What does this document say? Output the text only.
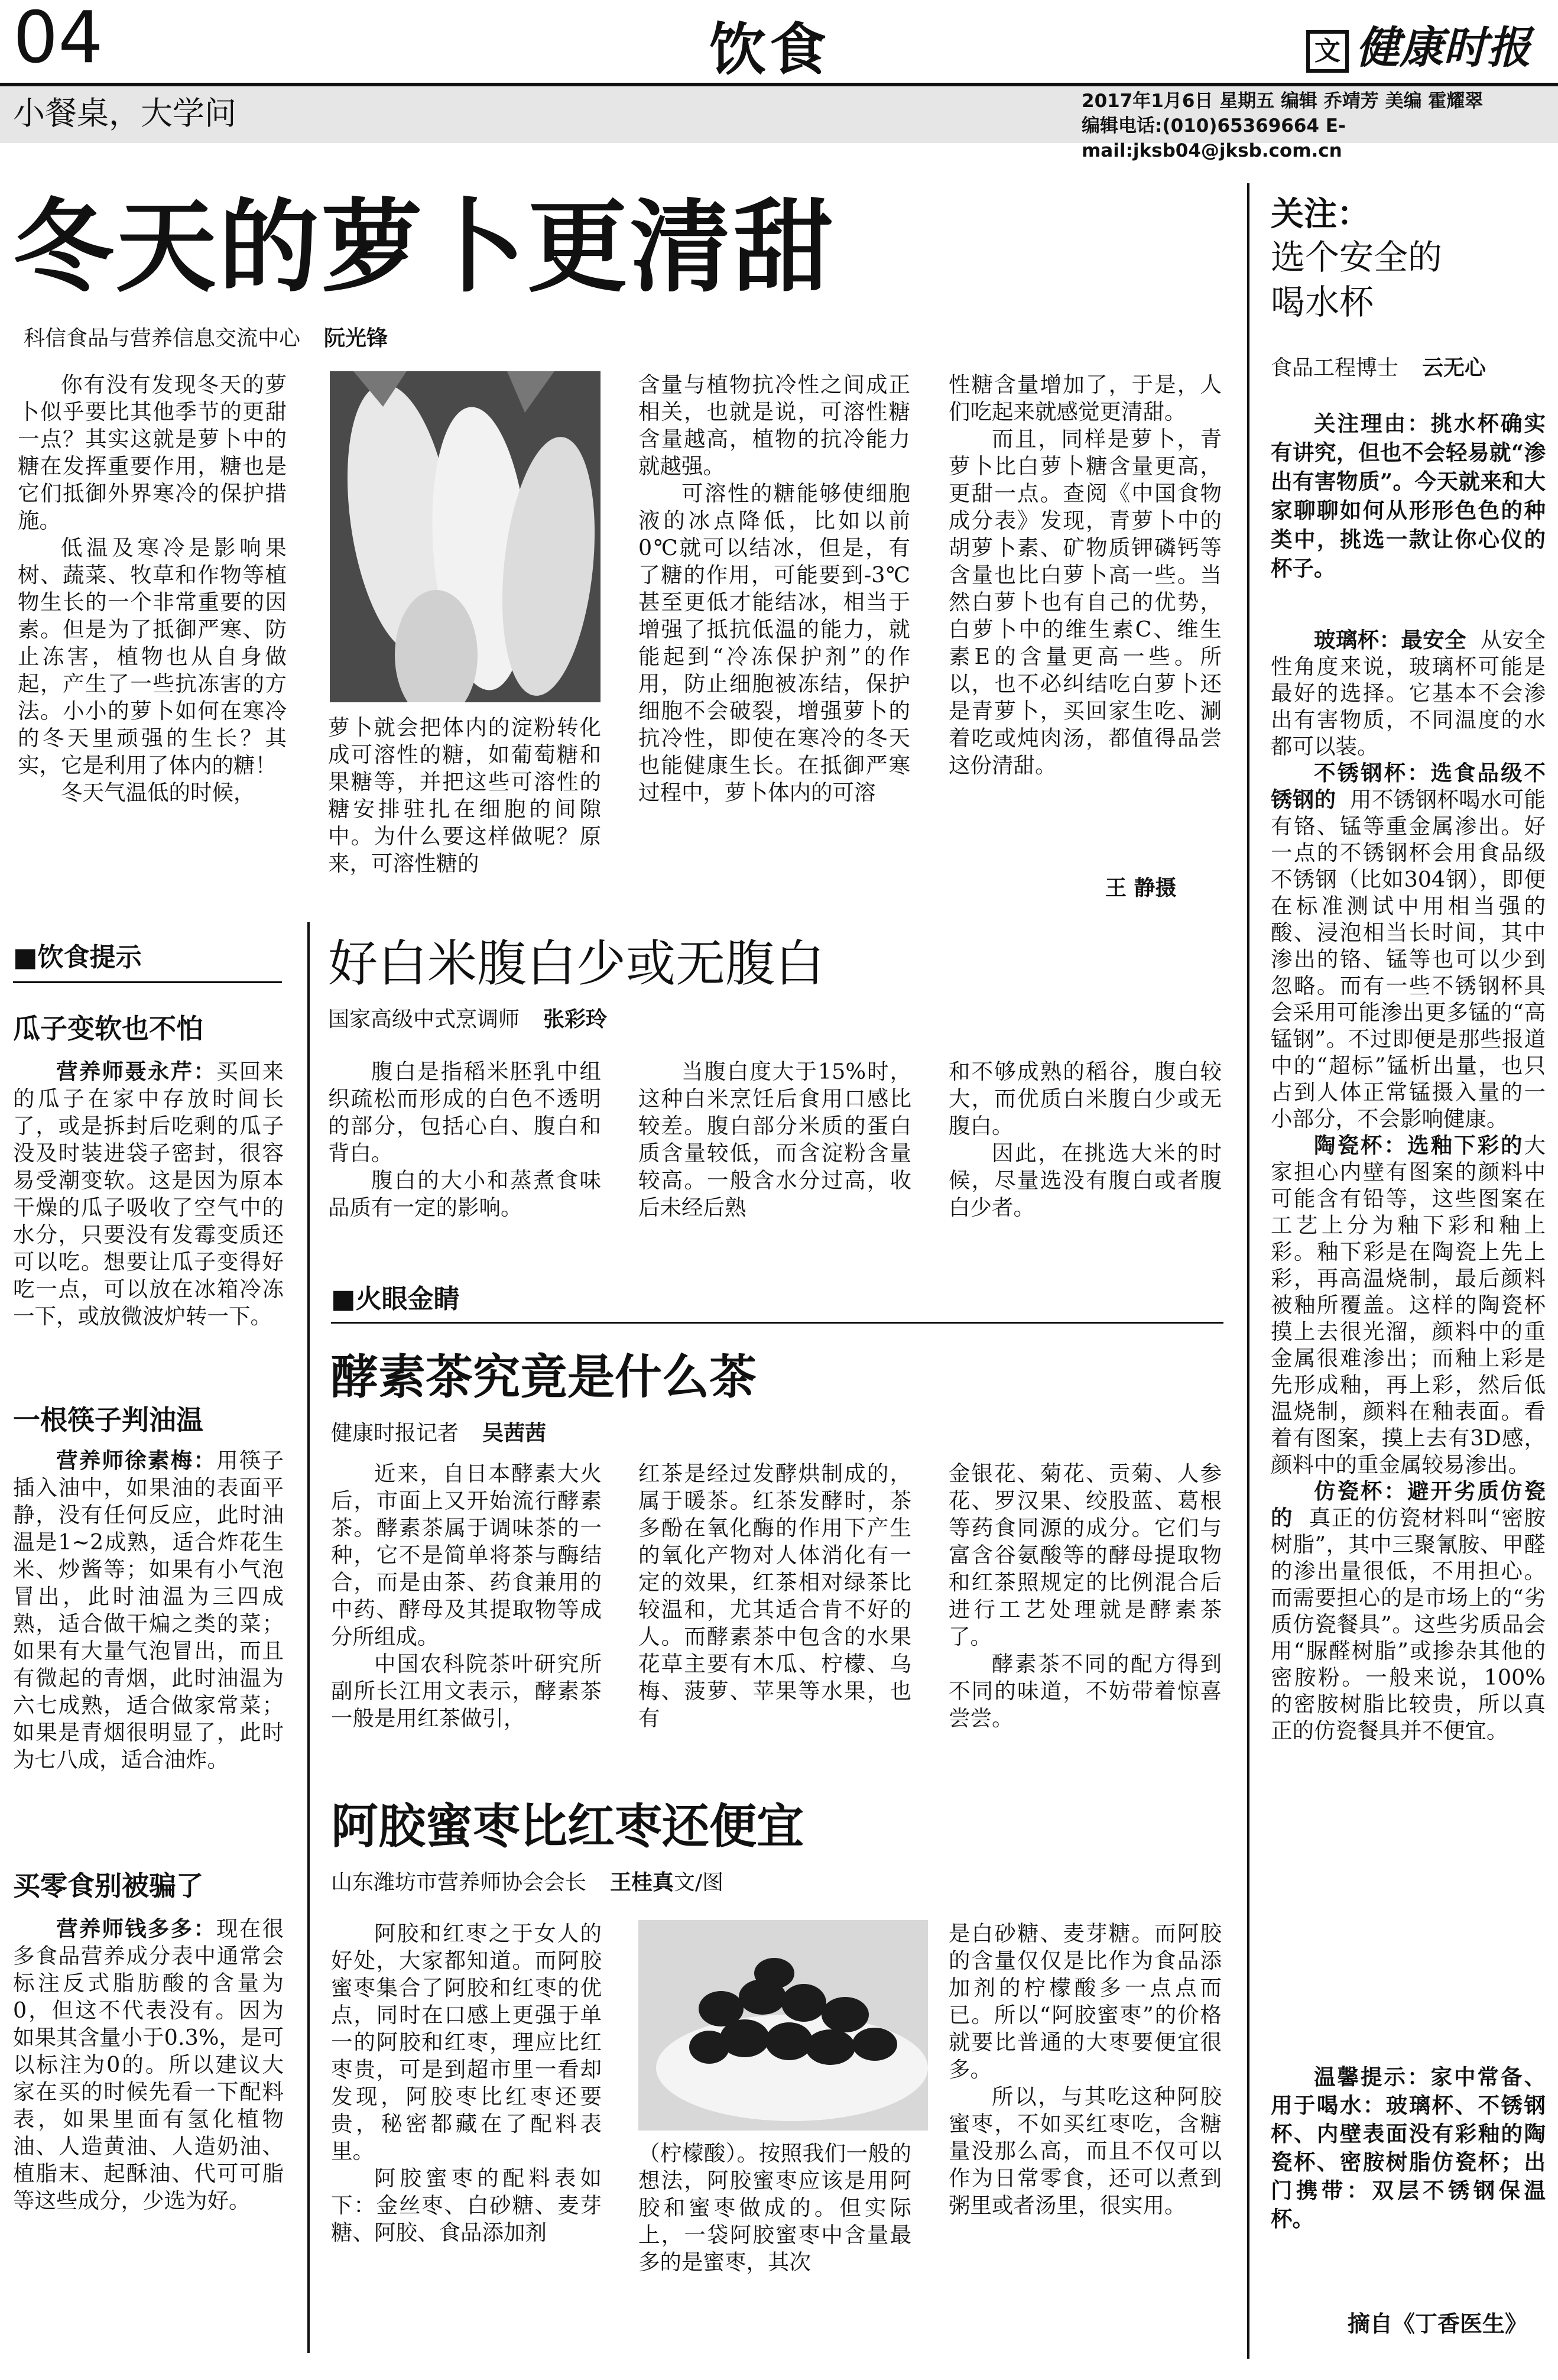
04	饮食	文 健康时报
小餐桌，大学问	2017年1月6日 星期五 编辑 乔靖芳 美编 霍耀翠
编辑电话:(010)65369664 E-mail:jksb04@jksb.com.cn
冬天的萝卜更清甜
科信食品与营养信息交流中心 阮光锋

你有没有发现冬天的萝卜似乎要比其他季节的更甜一点？其实这就是萝卜中的糖在发挥重要作用，糖也是它们抵御外界寒冷的保护措施。

低温及寒冷是影响果树、蔬菜、牧草和作物等植物生长的一个非常重要的因素。但是为了抵御严寒、防止冻害，植物也从自身做起，产生了一些抗冻害的方法。小小的萝卜如何在寒冷的冬天里顽强的生长？其实，它是利用了体内的糖！

冬天气温低的时候，

萝卜就会把体内的淀粉转化成可溶性的糖，如葡萄糖和果糖等，并把这些可溶性的糖安排驻扎在细胞的间隙中。为什么要这样做呢？原来，可溶性糖的

含量与植物抗冷性之间成正相关，也就是说，可溶性糖含量越高，植物的抗冷能力就越强。

可溶性的糖能够使细胞液的冰点降低，比如以前0℃就可以结冰，但是，有了糖的作用，可能要到-3℃甚至更低才能结冰，相当于增强了抵抗低温的能力，就能起到“冷冻保护剂”的作用，防止细胞被冻结，保护细胞不会破裂，增强萝卜的抗冷性，即使在寒冷的冬天也能健康生长。在抵御严寒过程中，萝卜体内的可溶

性糖含量增加了，于是，人们吃起来就感觉更清甜。

而且，同样是萝卜，青萝卜比白萝卜糖含量更高，更甜一点。查阅《中国食物成分表》发现，青萝卜中的胡萝卜素、矿物质钾磷钙等含量也比白萝卜高一些。当然白萝卜也有自己的优势，白萝卜中的维生素C、维生素E的含量更高一些。所以，也不必纠结吃白萝卜还是青萝卜，买回家生吃、涮着吃或炖肉汤，都值得品尝这份清甜。

王 静摄
■饮食提示
瓜子变软也不怕

营养师聂永芹：买回来的瓜子在家中存放时间长了，或是拆封后吃剩的瓜子没及时装进袋子密封，很容易受潮变软。这是因为原本干燥的瓜子吸收了空气中的水分，只要没有发霉变质还可以吃。想要让瓜子变得好吃一点，可以放在冰箱冷冻一下，或放微波炉转一下。

一根筷子判油温

营养师徐素梅：用筷子插入油中，如果油的表面平静，没有任何反应，此时油温是1~2成熟，适合炸花生米、炒酱等；如果有小气泡冒出，此时油温为三四成熟，适合做干煸之类的菜；如果有大量气泡冒出，而且有微起的青烟，此时油温为六七成熟，适合做家常菜；如果是青烟很明显了，此时为七八成，适合油炸。

买零食别被骗了

营养师钱多多：现在很多食品营养成分表中通常会标注反式脂肪酸的含量为0，但这不代表没有。因为如果其含量小于0.3%，是可以标注为0的。所以建议大家在买的时候先看一下配料表，如果里面有氢化植物油、人造黄油、人造奶油、植脂末、起酥油、代可可脂等这些成分，少选为好。

好白米腹白少或无腹白
国家高级中式烹调师 张彩玲

腹白是指稻米胚乳中组织疏松而形成的白色不透明的部分，包括心白、腹白和背白。

腹白的大小和蒸煮食味品质有一定的影响。

当腹白度大于15%时，这种白米烹饪后食用口感比较差。腹白部分米质的蛋白质含量较低，而含淀粉含量较高。一般含水分过高，收后未经后熟

和不够成熟的稻谷，腹白较大，而优质白米腹白少或无腹白。

因此，在挑选大米的时候，尽量选没有腹白或者腹白少者。

■火眼金睛
酵素茶究竟是什么茶
健康时报记者 吴茜茜

近来，自日本酵素大火后，市面上又开始流行酵素茶。酵素茶属于调味茶的一种，它不是简单将茶与酶结合，而是由茶、药食兼用的中药、酵母及其提取物等成分所组成。

中国农科院茶叶研究所副所长江用文表示，酵素茶一般是用红茶做引，

红茶是经过发酵烘制成的，属于暖茶。红茶发酵时，茶多酚在氧化酶的作用下产生的氧化产物对人体消化有一定的效果，红茶相对绿茶比较温和，尤其适合肯不好的人。而酵素茶中包含的水果花草主要有木瓜、柠檬、乌梅、菠萝、苹果等水果，也有

金银花、菊花、贡菊、人参花、罗汉果、绞股蓝、葛根等药食同源的成分。它们与富含谷氨酸等的酵母提取物和红茶照规定的比例混合后进行工艺处理就是酵素茶了。

酵素茶不同的配方得到不同的味道，不妨带着惊喜尝尝。

阿胶蜜枣比红枣还便宜
山东潍坊市营养师协会会长 王桂真文/图

阿胶和红枣之于女人的好处，大家都知道。而阿胶蜜枣集合了阿胶和红枣的优点，同时在口感上更强于单一的阿胶和红枣，理应比红枣贵，可是到超市里一看却发现，阿胶枣比红枣还要贵，秘密都藏在了配料表里。

阿胶蜜枣的配料表如下：金丝枣、白砂糖、麦芽糖、阿胶、食品添加剂

（柠檬酸）。按照我们一般的想法，阿胶蜜枣应该是用阿胶和蜜枣做成的。但实际上，一袋阿胶蜜枣中含量最多的是蜜枣，其次

是白砂糖、麦芽糖。而阿胶的含量仅仅是比作为食品添加剂的柠檬酸多一点点而已。所以“阿胶蜜枣”的价格就要比普通的大枣要便宜很多。

所以，与其吃这种阿胶蜜枣，不如买红枣吃，含糖量没那么高，而且不仅可以作为日常零食，还可以煮到粥里或者汤里，很实用。

关注：
选个安全的
喝水杯
食品工程博士 云无心

关注理由：挑水杯确实有讲究，但也不会轻易就“渗出有害物质”。今天就来和大家聊聊如何从形形色色的种类中，挑选一款让你心仪的杯子。

玻璃杯：最安全 从安全性角度来说，玻璃杯可能是最好的选择。它基本不会渗出有害物质，不同温度的水都可以装。

不锈钢杯：选食品级不锈钢的 用不锈钢杯喝水可能有铬、锰等重金属渗出。好一点的不锈钢杯会用食品级不锈钢（比如304钢），即便在标准测试中用相当强的酸、浸泡相当长时间，其中渗出的铬、锰等也可以少到忽略。而有一些不锈钢杯具会采用可能渗出更多锰的“高锰钢”。不过即便是那些报道中的“超标”锰析出量，也只占到人体正常锰摄入量的一小部分，不会影响健康。

陶瓷杯：选釉下彩的大家担心内壁有图案的颜料中可能含有铅等，这些图案在工艺上分为釉下彩和釉上彩。釉下彩是在陶瓷上先上彩，再高温烧制，最后颜料被釉所覆盖。这样的陶瓷杯摸上去很光溜，颜料中的重金属很难渗出；而釉上彩是先形成釉，再上彩，然后低温烧制，颜料在釉表面。看着有图案，摸上去有3D感，颜料中的重金属较易渗出。

仿瓷杯：避开劣质仿瓷的 真正的仿瓷材料叫“密胺树脂”，其中三聚氰胺、甲醛的渗出量很低，不用担心。而需要担心的是市场上的“劣质仿瓷餐具”。这些劣质品会用“脲醛树脂”或掺杂其他的密胺粉。一般来说，100%的密胺树脂比较贵，所以真正的仿瓷餐具并不便宜。

温馨提示：家中常备、用于喝水：玻璃杯、不锈钢杯、内壁表面没有彩釉的陶瓷杯、密胺树脂仿瓷杯；出门携带：双层不锈钢保温杯。

摘自《丁香医生》
